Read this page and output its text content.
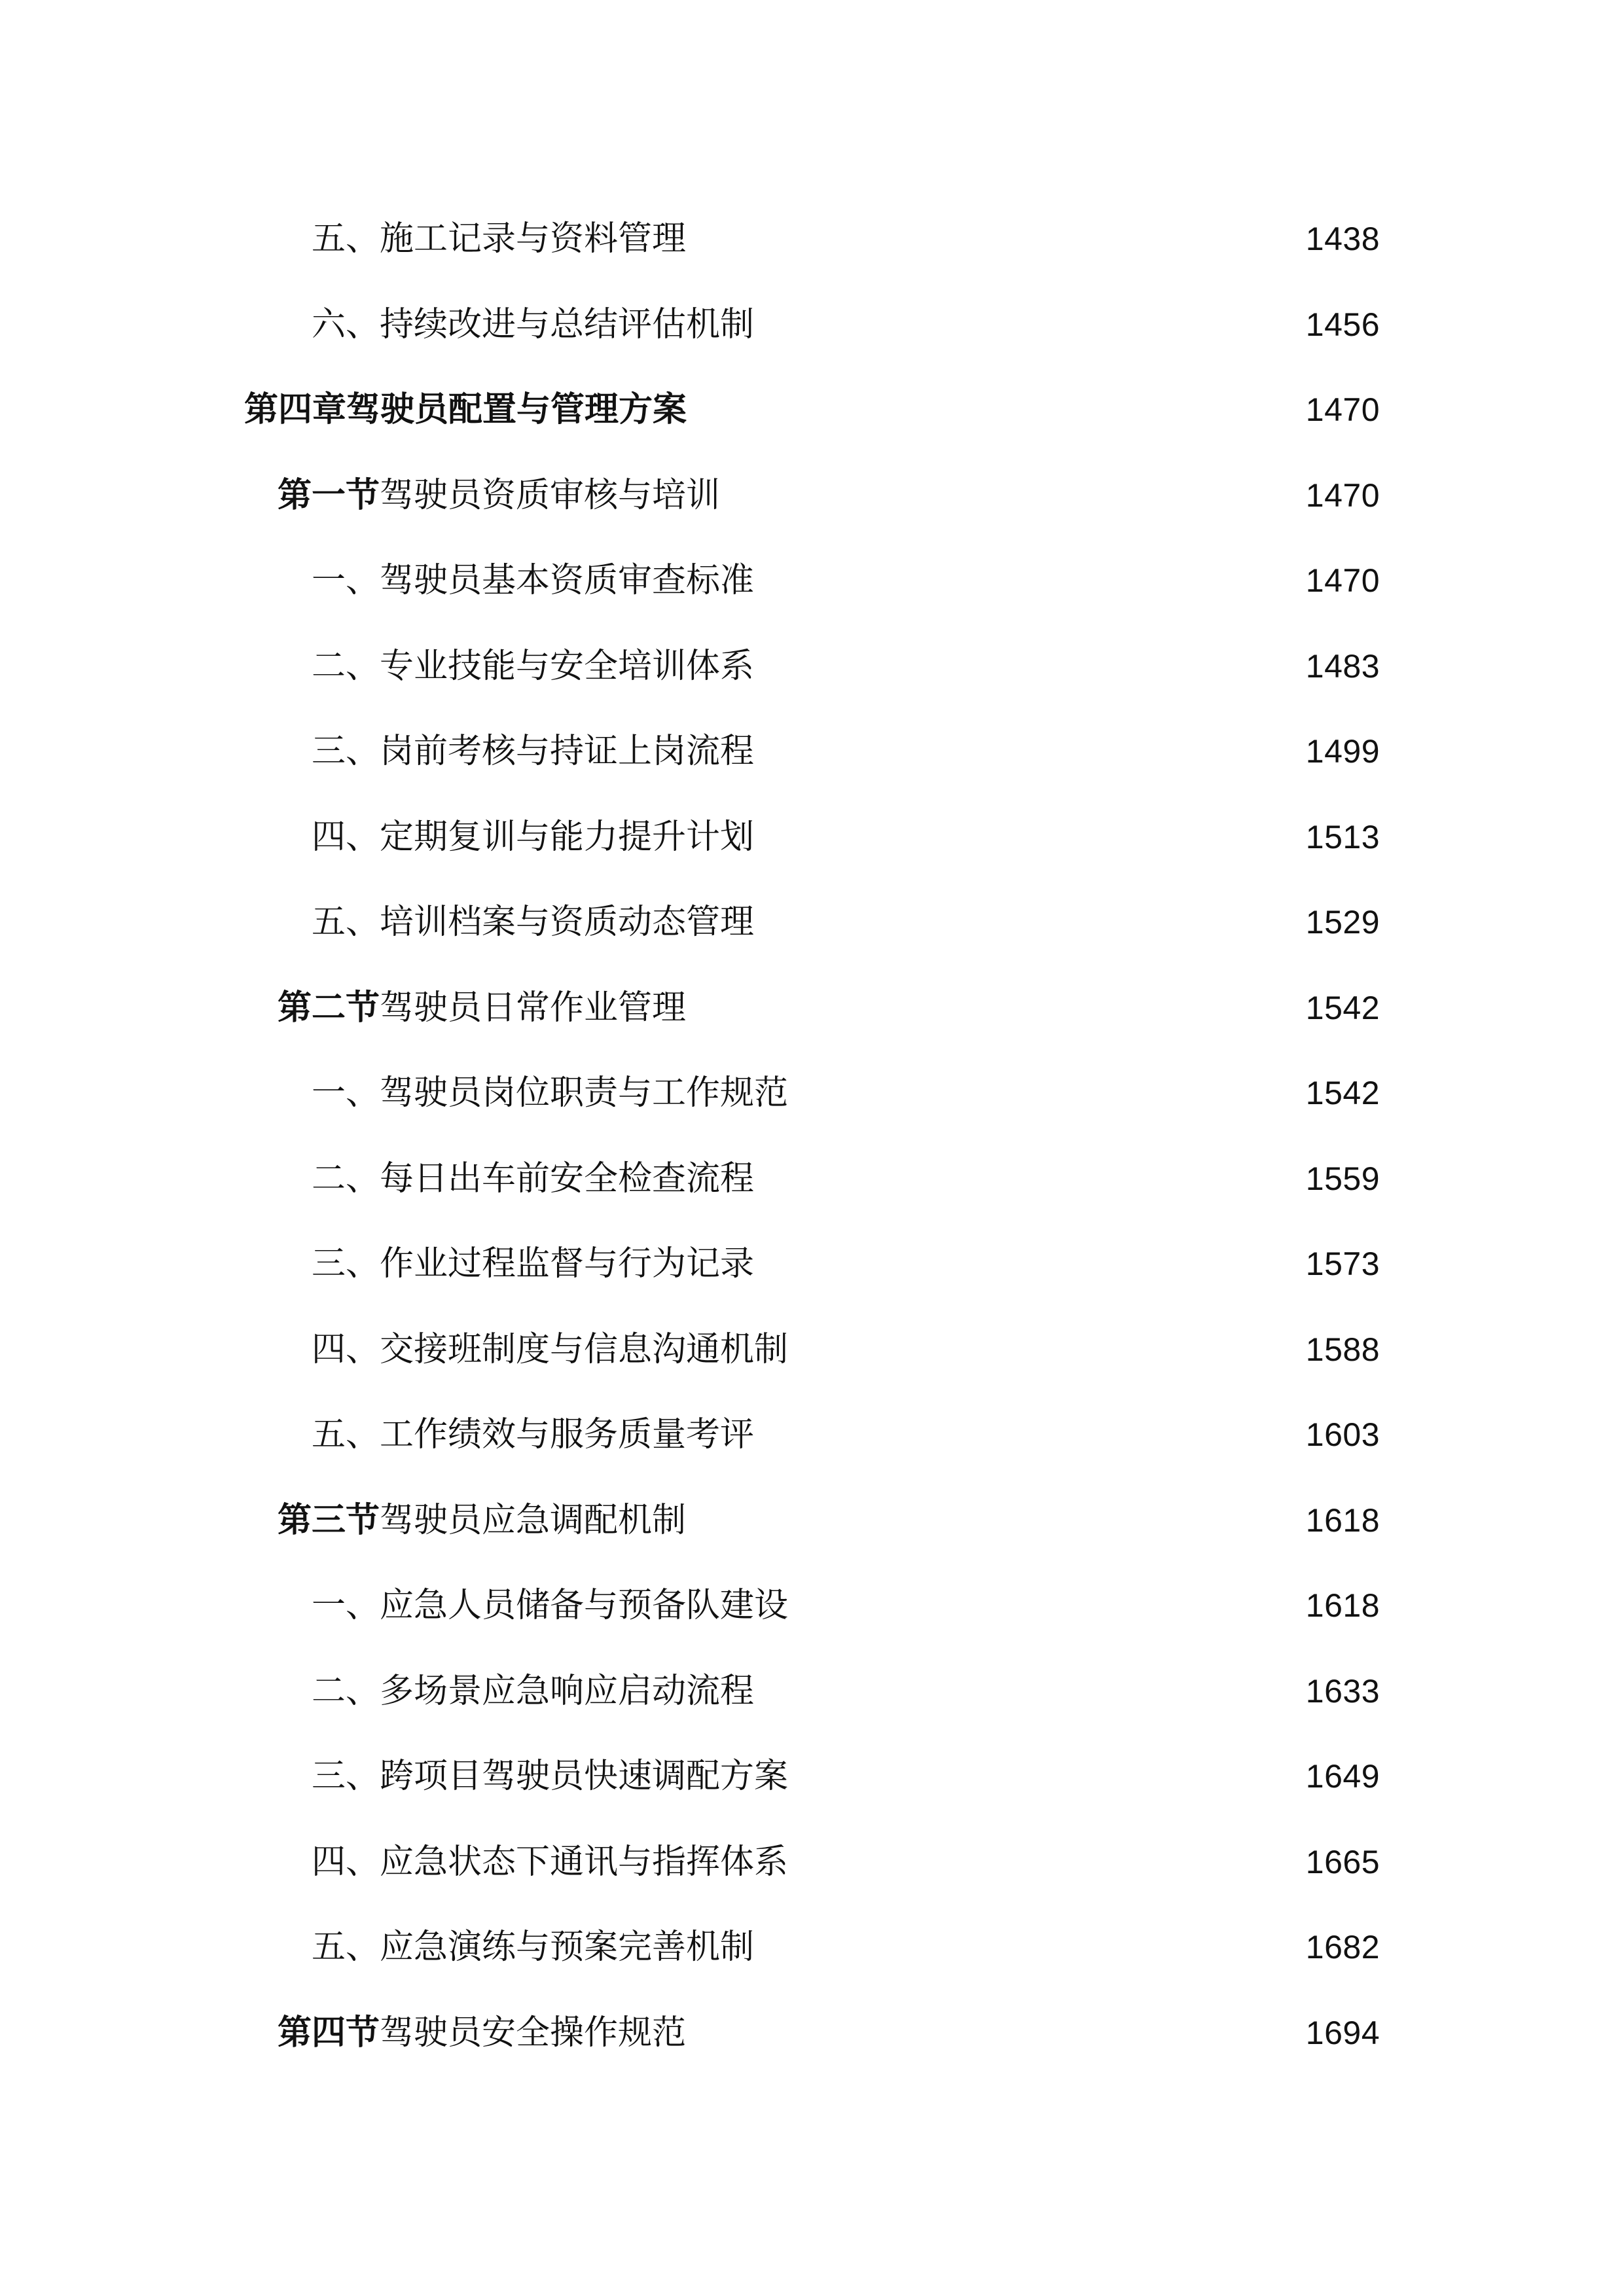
五、施工记录与资料管理	1438
六、持续改进与总结评估机制	1456
第四章驾驶员配置与管理方案	1470
第一节 驾驶员资质审核与培训	1470
一、驾驶员基本资质审查标准	1470
二、专业技能与安全培训体系	1483
三、岗前考核与持证上岗流程	1499
四、定期复训与能力提升计划	1513
五、培训档案与资质动态管理	1529
第二节 驾驶员日常作业管理	1542
一、驾驶员岗位职责与工作规范	1542
二、每日出车前安全检查流程	1559
三、作业过程监督与行为记录	1573
四、交接班制度与信息沟通机制	1588
五、工作绩效与服务质量考评	1603
第三节 驾驶员应急调配机制	1618
一、应急人员储备与预备队建设	1618
二、多场景应急响应启动流程	1633
三、跨项目驾驶员快速调配方案	1649
四、应急状态下通讯与指挥体系	1665
五、应急演练与预案完善机制	1682
第四节 驾驶员安全操作规范	1694
